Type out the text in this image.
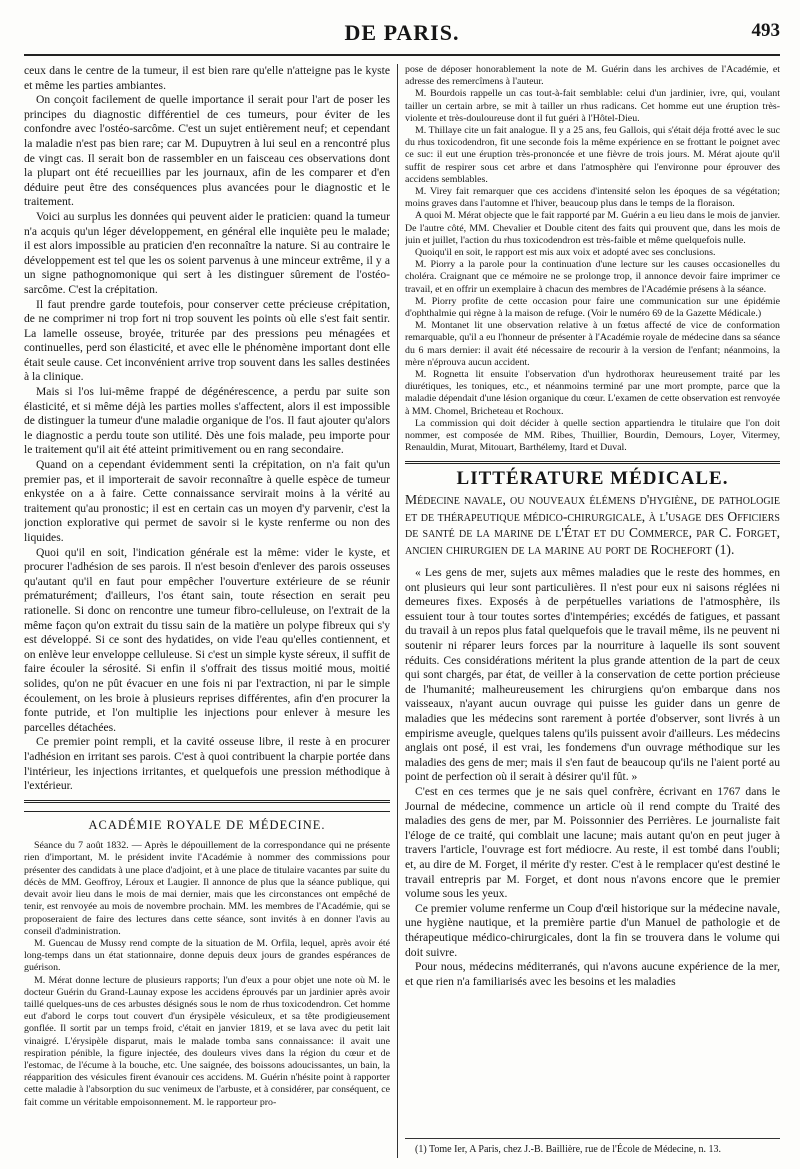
DE PARIS.	493

ceux dans le centre de la tumeur, il est bien rare qu'elle n'atteigne pas le kyste et même les parties ambiantes.

On conçoit facilement de quelle importance il serait pour l'art de poser les principes du diagnostic différentiel de ces tumeurs, pour éviter de les confondre avec l'ostéo-sarcôme. C'est un sujet entièrement neuf; et cependant la maladie n'est pas bien rare; car M. Dupuytren à lui seul en a rencontré plus de vingt cas. Il serait bon de rassembler en un faisceau ces observations dont la plupart ont été recueillies par les journaux, afin de les comparer et d'en déduire peut être des conséquences plus avancées pour le diagnostic et le traitement.

Voici au surplus les données qui peuvent aider le praticien: quand la tumeur n'a acquis qu'un léger développement, en général elle inquiète peu le malade; il est alors impossible au praticien d'en reconnaître la nature. Si au contraire le développement est tel que les os soient parvenus à une minceur extrême, il y a un signe pathognomonique qui sert à les distinguer sûrement de l'ostéo-sarcôme. C'est la crépitation.

Il faut prendre garde toutefois, pour conserver cette précieuse crépitation, de ne comprimer ni trop fort ni trop souvent les points où elle s'est fait sentir. La lamelle osseuse, broyée, triturée par des pressions peu ménagées et continuelles, perd son élasticité, et avec elle le phénomène important dont elle était seule cause. Cet inconvénient arrive trop souvent dans les salles destinées à la clinique.

Mais si l'os lui-même frappé de dégénérescence, a perdu par suite son élasticité, et si même déjà les parties molles s'affectent, alors il est impossible de distinguer la tumeur d'une maladie organique de l'os. Il faut ajouter qu'alors le diagnostic a perdu toute son utilité. Dès une fois malade, peu importe pour le traitement qu'il ait été atteint primitivement ou en rang secondaire.

Quand on a cependant évidemment senti la crépitation, on n'a fait qu'un premier pas, et il importerait de savoir reconnaître à quelle espèce de tumeur enkystée on a à faire. Cette connaissance servirait moins à la vérité au traitement qu'au pronostic; il est en certain cas un moyen d'y parvenir, c'est la jonction explorative qui permet de savoir si le kyste renferme ou non des liquides.

Quoi qu'il en soit, l'indication générale est la même: vider le kyste, et procurer l'adhésion de ses parois. Il n'est besoin d'enlever des parois osseuses qu'autant qu'il en faut pour empêcher l'ouverture extérieure de se réunir prématurément; d'ailleurs, l'os étant sain, toute résection en serait peu rationelle. Si donc on rencontre une tumeur fibro-celluleuse, on l'extrait de la même façon qu'on extrait du tissu sain de la matière un polype fibreux qui s'y est développé. Si ce sont des hydatides, on vide l'eau qu'elles contiennent, et on enlève leur enveloppe celluleuse. Si c'est un simple kyste séreux, il suffit de faire écouler la sérosité. Si enfin il s'offrait des tissus moitié mous, moitié solides, qu'on ne pût évacuer en une fois ni par l'extraction, ni par le simple écoulement, on les broie à plusieurs reprises différentes, afin d'en procurer la fonte putride, et l'on multiplie les injections pour enlever à mesure les parcelles détachées.

Ce premier point rempli, et la cavité osseuse libre, il reste à en procurer l'adhésion en irritant ses parois. C'est à quoi contribuent la charpie portée dans l'intérieur, les injections irritantes, et quelquefois une pression méthodique à l'extérieur.

ACADÉMIE ROYALE DE MÉDECINE.

Séance du 7 août 1832. — Après le dépouillement de la correspondance qui ne présente rien d'important, M. le président invite l'Académie à nommer des commissions pour présenter des candidats à une place d'adjoint, et à une place de titulaire vacantes par suite du décès de MM. Geoffroy, Léroux et Laugier. Il annonce de plus que la séance publique, qui devait avoir lieu dans le mois de mai dernier, mais que les circonstances ont empêché de tenir, est renvoyée au mois de novembre prochain. MM. les membres de l'Académie, qui se proposeraient de faire des lectures dans cette séance, sont invités à en donner l'avis au conseil d'administration.

M. Guencau de Mussy rend compte de la situation de M. Orfila, lequel, après avoir été long-temps dans un état stationnaire, donne depuis deux jours de grandes espérances de guérison.

M. Mérat donne lecture de plusieurs rapports; l'un d'eux a pour objet une note où M. le docteur Guérin du Grand-Launay expose les accidens éprouvés par un jardinier après avoir taillé quelques-uns de ces arbustes désignés sous le nom de rhus toxicodendron. Cet homme eut d'abord le corps tout couvert d'un érysipèle vésiculeux, et sa tête prodigieusement gonflée. Il sortit par un temps froid, c'était en janvier 1819, et se lava avec du petit lait vinaigré. L'érysipèle disparut, mais le malade tomba sans connaissance: il avait une respiration pénible, la figure injectée, des douleurs vives dans la région du cœur et de l'estomac, de l'écume à la bouche, etc. Une saignée, des boissons adoucissantes, un bain, la réapparition des vésicules firent évanouir ces accidens. M. Guérin n'hésite point à rapporter cette maladie à l'absorption du suc venimeux de l'arbuste, et à considérer, par conséquent, ce fait comme un véritable empoisonnement. M. le rapporteur pro-

pose de déposer honorablement la note de M. Guérin dans les archives de l'Académie, et adresse des remercîmens à l'auteur.

M. Bourdois rappelle un cas tout-à-fait semblable: celui d'un jardinier, ivre, qui, voulant tailler un certain arbre, se mit à tailler un rhus radicans. Cet homme eut une éruption très-violente et très-douloureuse dont il fut guéri à l'Hôtel-Dieu.

M. Thillaye cite un fait analogue. Il y a 25 ans, feu Gallois, qui s'était déja frotté avec le suc du rhus toxicodendron, fit une seconde fois la même expérience en se frottant le poignet avec ce suc: il eut une éruption très-prononcée et une fièvre de trois jours. M. Mérat ajoute qu'il suffit de respirer sous cet arbre et dans l'atmosphère qui l'environne pour éprouver des accidens semblables.

M. Virey fait remarquer que ces accidens d'intensité selon les époques de sa végétation; moins graves dans l'automne et l'hiver, beaucoup plus dans le temps de la floraison.

A quoi M. Mérat objecte que le fait rapporté par M. Guérin a eu lieu dans le mois de janvier. De l'autre côté, MM. Chevalier et Double citent des faits qui prouvent que, dans les mois de juin et juillet, l'action du rhus toxicodendron est très-faible et même quelquefois nulle.

Quoiqu'il en soit, le rapport est mis aux voix et adopté avec ses conclusions.

M. Piorry a la parole pour la continuation d'une lecture sur les causes occasionelles du choléra. Craignant que ce mémoire ne se prolonge trop, il annonce devoir faire imprimer ce travail, et en offrir un exemplaire à chacun des membres de l'Académie présens à la séance.

M. Piorry profite de cette occasion pour faire une communication sur une épidémie d'ophthalmie qui règne à la maison de refuge. (Voir le numéro 69 de la Gazette Médicale.)

M. Montanet lit une observation relative à un fœtus affecté de vice de conformation remarquable, qu'il a eu l'honneur de présenter à l'Académie royale de médecine dans sa séance du 6 mars dernier: il avait été nécessaire de recourir à la version de l'enfant; néanmoins, la mère n'éprouva aucun accident.

M. Rognetta lit ensuite l'observation d'un hydrothorax heureusement traité par les diurétiques, les toniques, etc., et néanmoins terminé par une mort prompte, parce que la maladie dépendait d'une lésion organique du cœur. L'examen de cette observation est renvoyée à MM. Chomel, Bricheteau et Rochoux.

La commission qui doit décider à quelle section appartiendra le titulaire que l'on doit nommer, est composée de MM. Ribes, Thuillier, Bourdin, Demours, Loyer, Vitermey, Renauldin, Murat, Mitouart, Barthélemy, Itard et Duval.

LITTÉRATURE MÉDICALE.
Médecine navale, ou nouveaux élémens d'hygiène, de pathologie et de thérapeutique médico-chirurgicale, à l'usage des Officiers de santé de la marine de l'État et du Commerce, par C. Forget, ancien chirurgien de la marine au port de Rochefort (1).

« Les gens de mer, sujets aux mêmes maladies que le reste des hommes, en ont plusieurs qui leur sont particulières. Il n'est pour eux ni saisons réglées ni demeures fixes. Exposés à de perpétuelles variations de l'atmosphère, ils essuient tour à tour toutes sortes d'intempéries; excédés de fatigues, et passant du travail à un repos plus fatal quelquefois que le travail même, ils ne peuvent ni soutenir ni réparer leurs forces par la nourriture à laquelle ils sont souvent réduits. Ces considérations méritent la plus grande attention de la part de ceux qui sont chargés, par état, de veiller à la conservation de cette portion précieuse de l'humanité; malheureusement les chirurgiens qu'on embarque dans nos vaisseaux, n'ayant aucun ouvrage qui puisse les guider dans un genre de maladies que les médecins sont rarement à portée d'observer, sont livrés à un empirisme aveugle, quelques talens qu'ils puissent avoir d'ailleurs. Les médecins anglais ont posé, il est vrai, les fondemens d'un ouvrage méthodique sur les maladies des gens de mer; mais il s'en faut de beaucoup qu'ils ne l'aient porté au point de perfection où il serait à désirer qu'il fût. »

C'est en ces termes que je ne sais quel confrère, écrivant en 1767 dans le Journal de médecine, commence un article où il rend compte du Traité des maladies des gens de mer, par M. Poissonnier des Perrières. Le journaliste fait l'éloge de ce traité, qui comblait une lacune; mais autant qu'on en peut juger à travers l'article, l'ouvrage est fort médiocre. Au reste, il est tombé dans l'oubli; et, au dire de M. Forget, il mérite d'y rester. C'est à le remplacer qu'est destiné le travail entrepris par M. Forget, et dont nous n'avons encore que le premier volume sous les yeux.

Ce premier volume renferme un Coup d'œil historique sur la médecine navale, une hygiène nautique, et la première partie d'un Manuel de pathologie et de thérapeutique médico-chirurgicales, dont la fin se trouvera dans le volume qui doit suivre.

Pour nous, médecins méditerranés, qui n'avons aucune expérience de la mer, et que rien n'a familiarisés avec les besoins et les maladies

(1) Tome Ier, A Paris, chez J.-B. Baillière, rue de l'École de Médecine, n. 13.
